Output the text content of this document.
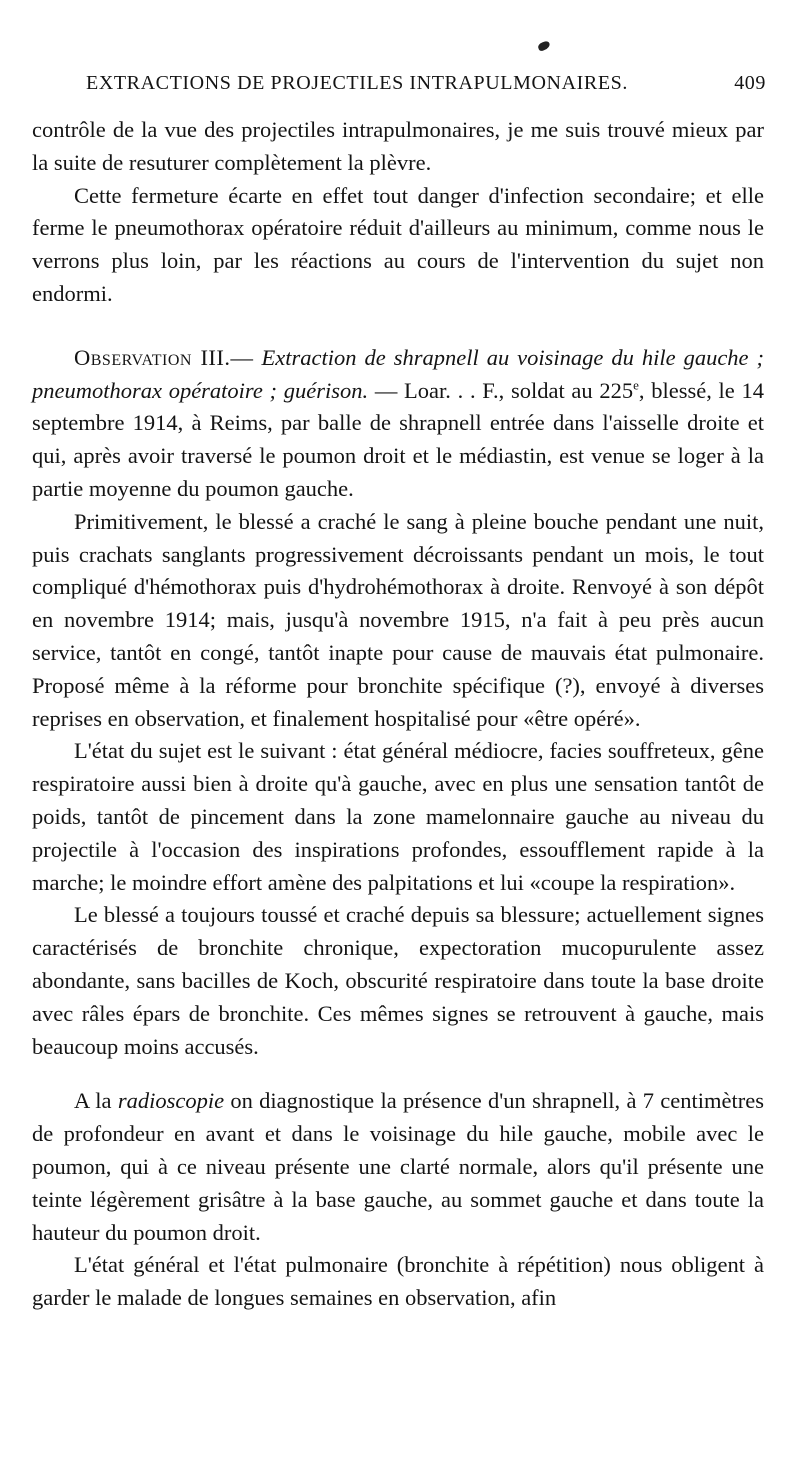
EXTRACTIONS DE PROJECTILES INTRAPULMONAIRES.	409

contrôle de la vue des projectiles intrapulmonaires, je me suis trouvé mieux par la suite de resuturer complètement la plèvre.

Cette fermeture écarte en effet tout danger d'infection secondaire; et elle ferme le pneumothorax opératoire réduit d'ailleurs au minimum, comme nous le verrons plus loin, par les réactions au cours de l'intervention du sujet non endormi.

Observation III.— Extraction de shrapnell au voisinage du hile gauche ; pneumothorax opératoire ; guérison. — Loar. . . F., soldat au 225e, blessé, le 14 septembre 1914, à Reims, par balle de shrapnell entrée dans l'aisselle droite et qui, après avoir traversé le poumon droit et le médiastin, est venue se loger à la partie moyenne du poumon gauche.

Primitivement, le blessé a craché le sang à pleine bouche pendant une nuit, puis crachats sanglants progressivement décroissants pendant un mois, le tout compliqué d'hémothorax puis d'hydrohémothorax à droite. Renvoyé à son dépôt en novembre 1914; mais, jusqu'à novembre 1915, n'a fait à peu près aucun service, tantôt en congé, tantôt inapte pour cause de mauvais état pulmonaire. Proposé même à la réforme pour bronchite spécifique (?), envoyé à diverses reprises en observation, et finalement hospitalisé pour «être opéré».

L'état du sujet est le suivant : état général médiocre, facies souffreteux, gêne respiratoire aussi bien à droite qu'à gauche, avec en plus une sensation tantôt de poids, tantôt de pincement dans la zone mamelonnaire gauche au niveau du projectile à l'occasion des inspirations profondes, essoufflement rapide à la marche; le moindre effort amène des palpitations et lui «coupe la respiration».

Le blessé a toujours toussé et craché depuis sa blessure; actuellement signes caractérisés de bronchite chronique, expectoration mucopurulente assez abondante, sans bacilles de Koch, obscurité respiratoire dans toute la base droite avec râles épars de bronchite. Ces mêmes signes se retrouvent à gauche, mais beaucoup moins accusés.

A la radioscopie on diagnostique la présence d'un shrapnell, à 7 centimètres de profondeur en avant et dans le voisinage du hile gauche, mobile avec le poumon, qui à ce niveau présente une clarté normale, alors qu'il présente une teinte légèrement grisâtre à la base gauche, au sommet gauche et dans toute la hauteur du poumon droit.

L'état général et l'état pulmonaire (bronchite à répétition) nous obligent à garder le malade de longues semaines en observation, afin
